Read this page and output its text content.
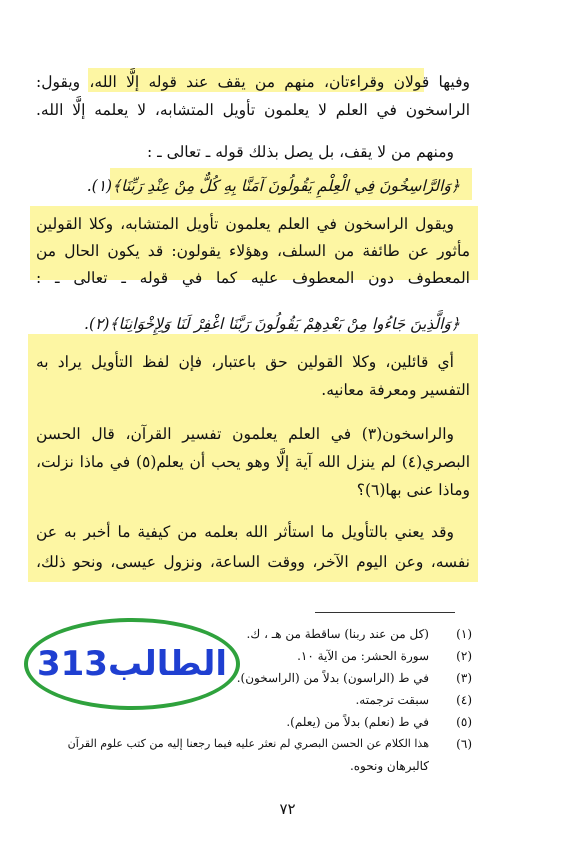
وفيها قولان وقراءتان، منهم من يقف عند قوله إلَّا الله، ويقول:
الراسخون في العلم لا يعلمون تأويل المتشابه، لا يعلمه إلَّا الله.
ومنهم من لا يقف، بل يصل بذلك قوله ـ تعالى ـ :
﴿وَالرَّاسِخُونَ فِي الْعِلْمِ يَقُولُونَ آمَنَّا بِهِ كُلٌّ مِنْ عِنْدِ رَبِّنَا﴾(١).
ويقول الراسخون في العلم يعلمون تأويل المتشابه، وكلا القولين
مأثور عن طائفة من السلف، وهؤلاء يقولون: قد يكون الحال من
المعطوف دون المعطوف عليه كما في قوله ـ تعالى ـ :
﴿وَالَّذِينَ جَاءُوا مِنْ بَعْدِهِمْ يَقُولُونَ رَبَّنَا اغْفِرْ لَنَا وَلِإِخْوَانِنَا﴾(٢).
أي قائلين، وكلا القولين حق باعتبار، فإن لفظ التأويل يراد به
التفسير ومعرفة معانيه.
والراسخون(٣) في العلم يعلمون تفسير القرآن، قال الحسن
البصري(٤) لم ينزل الله آية إلَّا وهو يحب أن يعلم(٥) في ماذا نزلت،
وماذا عنى بها(٦)؟
وقد يعني بالتأويل ما استأثر الله بعلمه من كيفية ما أخبر به عن
نفسه، وعن اليوم الآخر، ووقت الساعة، ونزول عيسى، ونحو ذلك،
(١)
(كل من عند ربنا) ساقطة من هـ ، ك.
(٢)
سورة الحشر: من الآية ١٠.
(٣)
في ط (الراسون) بدلاً من (الراسخون).
(٤)
سبقت ترجمته.
(٥)
في ط (نعلم) بدلاً من (يعلم).
(٦)
هذا الكلام عن الحسن البصري لم نعثر عليه فيما رجعنا إليه من كتب علوم القرآن
كالبرهان ونحوه.
الطالب313
٧٢
